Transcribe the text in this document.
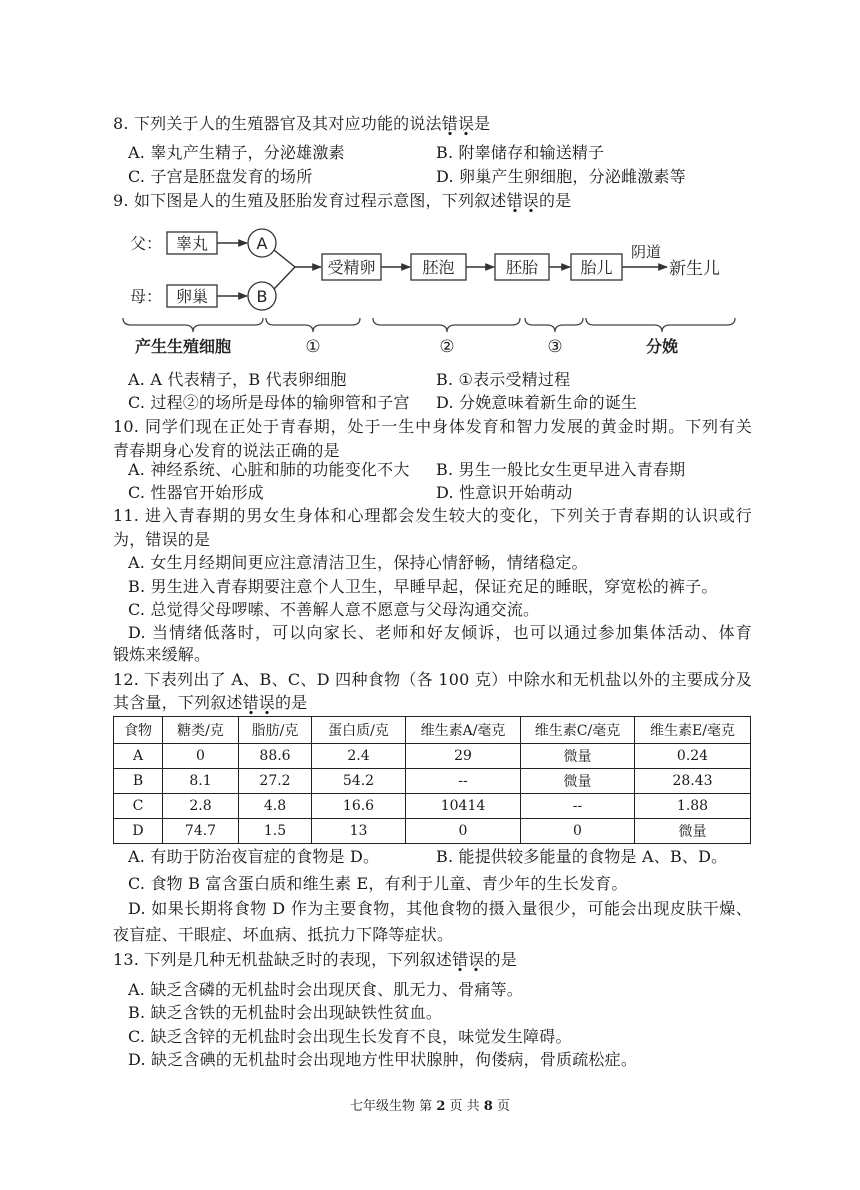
8. 下列关于人的生殖器官及其对应功能的说法错误是
A. 睾丸产生精子，分泌雄激素	B. 附睾储存和输送精子
C. 子宫是胚盘发育的场所	D. 卵巢产生卵细胞，分泌雌激素等
9. 如下图是人的生殖及胚胎发育过程示意图，下列叙述错误的是
父： 睾丸	A
母： 卵巢	B
受精卵	胚泡	胚胎	胎儿
阴道
新生儿
产生生殖细胞	①	②	③	分娩
A. A 代表精子，B 代表卵细胞	B. ①表示受精过程
C. 过程②的场所是母体的输卵管和子宫	D. 分娩意味着新生命的诞生
10. 同学们现在正处于青春期，处于一生中身体发育和智力发展的黄金时期。下列有关
青春期身心发育的说法正确的是
A. 神经系统、心脏和肺的功能变化不大	B. 男生一般比女生更早进入青春期
C. 性器官开始形成	D. 性意识开始萌动
11. 进入青春期的男女生身体和心理都会发生较大的变化，下列关于青春期的认识或行
为，错误的是
A. 女生月经期间更应注意清洁卫生，保持心情舒畅，情绪稳定。
B. 男生进入青春期要注意个人卫生，早睡早起，保证充足的睡眠，穿宽松的裤子。
C. 总觉得父母啰嗦、不善解人意不愿意与父母沟通交流。
D. 当情绪低落时，可以向家长、老师和好友倾诉，也可以通过参加集体活动、体育
锻炼来缓解。
12. 下表列出了 A、B、C、D 四种食物（各 100 克）中除水和无机盐以外的主要成分及
其含量，下列叙述错误的是
食物	糖类/克	脂肪/克	蛋白质/克	维生素A/毫克	维生素C/毫克	维生素E/毫克
A	0	88.6	2.4	29	微量	0.24
B	8.1	27.2	54.2	--	微量	28.43
C	2.8	4.8	16.6	10414	--	1.88
D	74.7	1.5	13	0	0	微量
A. 有助于防治夜盲症的食物是 D。	B. 能提供较多能量的食物是 A、B、D。
C. 食物 B 富含蛋白质和维生素 E，有利于儿童、青少年的生长发育。
D. 如果长期将食物 D 作为主要食物，其他食物的摄入量很少，可能会出现皮肤干燥、
夜盲症、干眼症、坏血病、抵抗力下降等症状。
13. 下列是几种无机盐缺乏时的表现，下列叙述错误的是
A. 缺乏含磷的无机盐时会出现厌食、肌无力、骨痛等。
B. 缺乏含铁的无机盐时会出现缺铁性贫血。
C. 缺乏含锌的无机盐时会出现生长发育不良，味觉发生障碍。
D. 缺乏含碘的无机盐时会出现地方性甲状腺肿，佝偻病，骨质疏松症。
七年级生物 第 2 页 共 8 页
